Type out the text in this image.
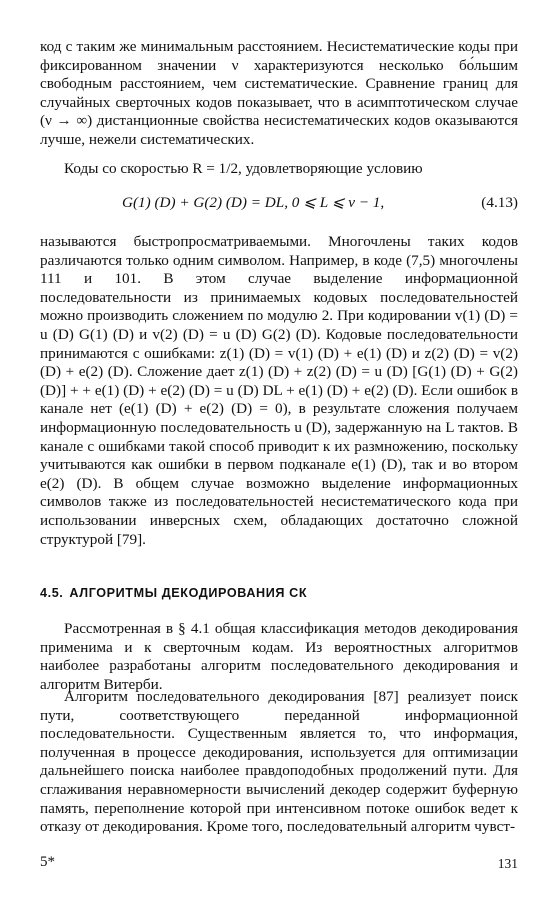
код с таким же минимальным расстоянием. Несистематические коды при фиксированном значении ν характеризуются несколько бо́льшим свободным расстоянием, чем систематические. Сравнение границ для случайных сверточных кодов показывает, что в асимптотическом случае (ν → ∞) дистанционные свойства несистематических кодов оказываются лучше, нежели систематических.

Коды со скоростью R = 1/2, удовлетворяющие условию

G(1) (D) + G(2) (D) = DL, 0 ⩽ L ⩽ ν − 1,	(4.13)

называются быстропросматриваемыми. Многочлены таких кодов различаются только одним символом. Например, в коде (7,5) многочлены 111 и 101. В этом случае выделение информационной последовательности из принимаемых кодовых последовательностей можно производить сложением по модулю 2. При кодировании v(1) (D) = u (D) G(1) (D) и v(2) (D) = u (D) G(2) (D). Кодовые последовательности принимаются с ошибками: z(1) (D) = v(1) (D) + e(1) (D) и z(2) (D) = v(2) (D) + e(2) (D). Сложение дает z(1) (D) + z(2) (D) = u (D) [G(1) (D) + G(2) (D)] + + e(1) (D) + e(2) (D) = u (D) DL + e(1) (D) + e(2) (D). Если ошибок в канале нет (e(1) (D) + e(2) (D) = 0), в результате сложения получаем информационную последовательность u (D), задержанную на L тактов. В канале с ошибками такой способ приводит к их размножению, поскольку учитываются как ошибки в первом подканале e(1) (D), так и во втором e(2) (D). В общем случае возможно выделение информационных символов также из последовательностей несистематического кода при использовании инверсных схем, обладающих достаточно сложной структурой [79].

4.5. АЛГОРИТМЫ ДЕКОДИРОВАНИЯ СК

Рассмотренная в § 4.1 общая классификация методов декодирования применима и к сверточным кодам. Из вероятностных алгоритмов наиболее разработаны алгоритм последовательного декодирования и алгоритм Витерби.

Алгоритм последовательного декодирования [87] реализует поиск пути, соответствующего переданной информационной последовательности. Существенным является то, что информация, полученная в процессе декодирования, используется для оптимизации дальнейшего поиска наиболее правдоподобных продолжений пути. Для сглаживания неравномерности вычислений декодер содержит буферную память, переполнение которой при интенсивном потоке ошибок ведет к отказу от декодирования. Кроме того, последовательный алгоритм чувст-

5*	131
